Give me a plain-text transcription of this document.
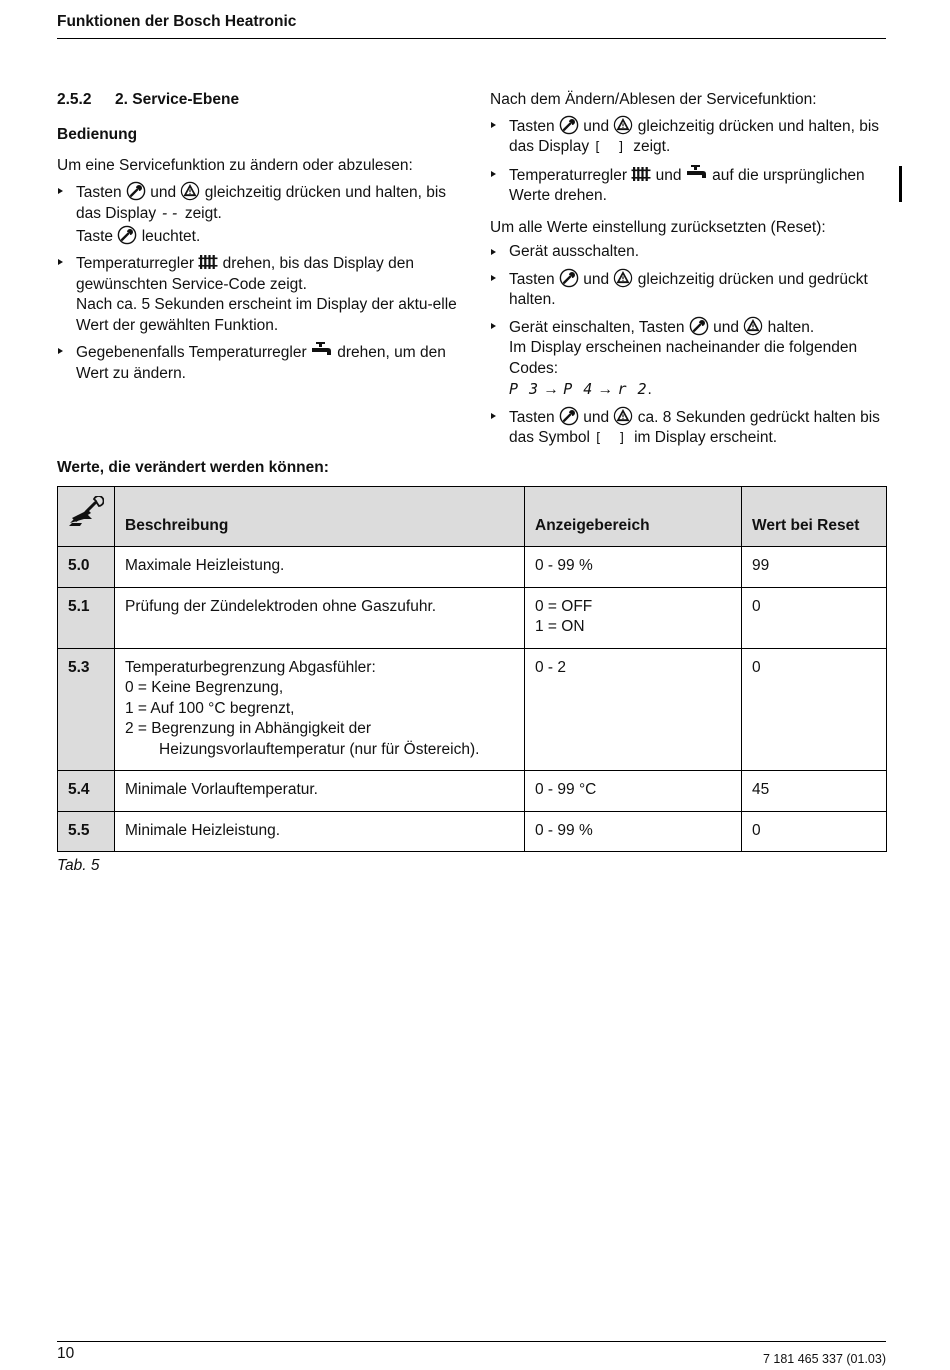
Funktionen der Bosch Heatronic
2.5.2 2. Service-Ebene
Bedienung

Um eine Servicefunktion zu ändern oder abzulesen:

Tasten und gleichzeitig drücken und halten, bis das Display -- zeigt.
Taste leuchtet.
Temperaturregler drehen, bis das Display den gewünschten Service-Code zeigt.
Nach ca. 5 Sekunden erscheint im Display der aktu-elle Wert der gewählten Funktion.
Gegebenenfalls Temperaturregler drehen, um den Wert zu ändern.

Nach dem Ändern/Ablesen der Servicefunktion:

Tasten und gleichzeitig drücken und halten, bis das Display [ ] zeigt.
Temperaturregler und auf die ursprünglichen Werte drehen.

Um alle Werte einstellung zurücksetzten (Reset):

Gerät ausschalten.
Tasten und gleichzeitig drücken und gedrückt halten.
Gerät einschalten, Tasten und halten.
Im Display erscheinen nacheinander die folgenden Codes:
P 3 → P 4 → r 2.
Tasten und ca. 8 Sekunden gedrückt halten bis das Symbol [ ] im Display erscheint.
Werte, die verändert werden können:
	Beschreibung	Anzeigebereich	Wert bei Reset
5.0	Maximale Heizleistung.	0 - 99 %	99
5.1	Prüfung der Zündelektroden ohne Gaszufuhr.	0 = OFF
1 = ON	0
5.3	Temperaturbegrenzung Abgasfühler:
0 = Keine Begrenzung,
1 = Auf 100 °C begrenzt,
2 = Begrenzung in Abhängigkeit der
Heizungsvorlauftemperatur (nur für Östereich).	0 - 2	0
5.4	Minimale Vorlauftemperatur.	0 - 99 °C	45
5.5	Minimale Heizleistung.	0 - 99 %	0
Tab. 5
10	7 181 465 337 (01.03)
